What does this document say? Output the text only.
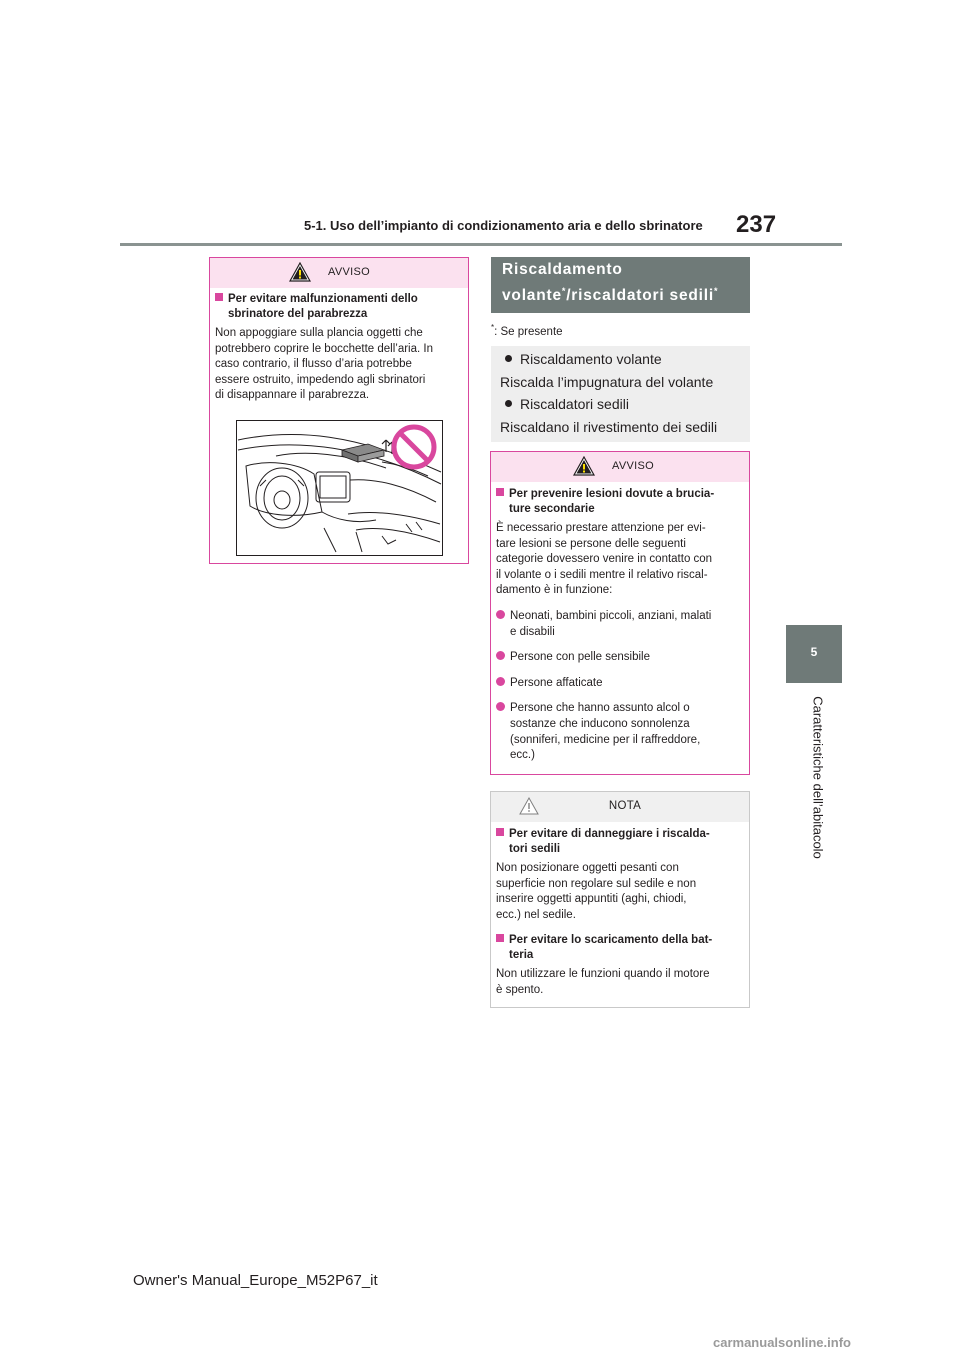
5-1. Uso dell’impianto di condizionamento aria e dello sbrinatore 237
5
Caratteristiche dell’abitacolo
AVVISO
Per evitare malfunzionamenti dello
sbrinatore del parabrezza
Non appoggiare sulla plancia oggetti che
potrebbero coprire le bocchette dell’aria. In
caso contrario, il flusso d’aria potrebbe
essere ostruito, impedendo agli sbrinatori
di disappannare il parabrezza.
Riscaldamento
volante*/riscaldatori sedili*
*: Se presente
Riscaldamento volante
Riscalda l’impugnatura del volante
Riscaldatori sedili
Riscaldano il rivestimento dei sedili
AVVISO
Per prevenire lesioni dovute a brucia-
ture secondarie
È necessario prestare attenzione per evi-
tare lesioni se persone delle seguenti
categorie dovessero venire in contatto con
il volante o i sedili mentre il relativo riscal-
damento è in funzione:
Neonati, bambini piccoli, anziani, malati
e disabili
Persone con pelle sensibile
Persone affaticate
Persone che hanno assunto alcol o
sostanze che inducono sonnolenza
(sonniferi, medicine per il raffreddore,
ecc.)
NOTA
Per evitare di danneggiare i riscalda-
tori sedili
Non posizionare oggetti pesanti con
superficie non regolare sul sedile e non
inserire oggetti appuntiti (aghi, chiodi,
ecc.) nel sedile.
Per evitare lo scaricamento della bat-
teria
Non utilizzare le funzioni quando il motore
è spento.
Owner's Manual_Europe_M52P67_it
carmanualsonline.info
